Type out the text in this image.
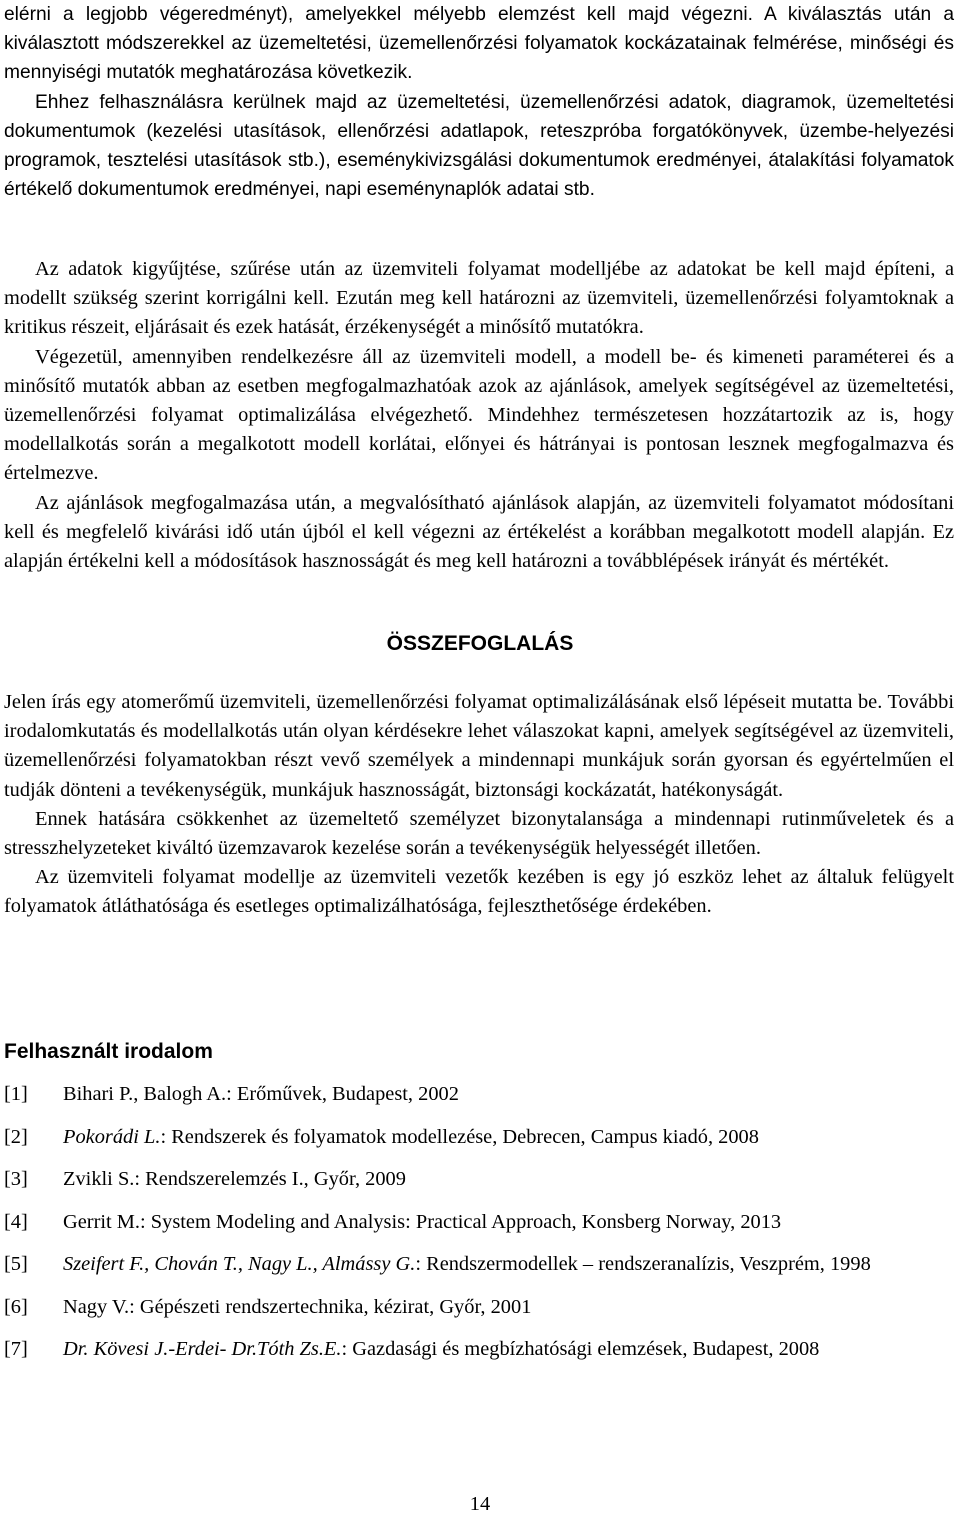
elérni a legjobb végeredményt), amelyekkel mélyebb elemzést kell majd végezni. A kiválasztás után a kiválasztott módszerekkel az üzemeltetési, üzemellenőrzési folyamatok kockázatainak felmérése, minőségi és mennyiségi mutatók meghatározása következik.

Ehhez felhasználásra kerülnek majd az üzemeltetési, üzemellenőrzési adatok, diagramok, üzemeltetési dokumentumok (kezelési utasítások, ellenőrzési adatlapok, reteszpróba forgatókönyvek, üzembe-helyezési programok, tesztelési utasítások stb.), eseménykivizsgálási dokumentumok eredményei, átalakítási folyamatok értékelő dokumentumok eredményei, napi eseménynaplók adatai stb.

Az adatok kigyűjtése, szűrése után az üzemviteli folyamat modelljébe az adatokat be kell majd építeni, a modellt szükség szerint korrigálni kell. Ezután meg kell határozni az üzemviteli, üzemellenőrzési folyamtoknak a kritikus részeit, eljárásait és ezek hatását, érzékenységét a minősítő mutatókra.

Végezetül, amennyiben rendelkezésre áll az üzemviteli modell, a modell be- és kimeneti paraméterei és a minősítő mutatók abban az esetben megfogalmazhatóak azok az ajánlások, amelyek segítségével az üzemeltetési, üzemellenőrzési folyamat optimalizálása elvégezhető. Mindehhez természetesen hozzátartozik az is, hogy modellalkotás során a megalkotott modell korlátai, előnyei és hátrányai is pontosan lesznek megfogalmazva és értelmezve.

Az ajánlások megfogalmazása után, a megvalósítható ajánlások alapján, az üzemviteli folyamatot módosítani kell és megfelelő kivárási idő után újból el kell végezni az értékelést a korábban megalkotott modell alapján. Ez alapján értékelni kell a módosítások hasznosságát és meg kell határozni a továbblépések irányát és mértékét.

ÖSSZEFOGLALÁS

Jelen írás egy atomerőmű üzemviteli, üzemellenőrzési folyamat optimalizálásának első lépéseit mutatta be. További irodalomkutatás és modellalkotás után olyan kérdésekre lehet válaszokat kapni, amelyek segítségével az üzemviteli, üzemellenőrzési folyamatokban részt vevő személyek a mindennapi munkájuk során gyorsan és egyértelműen el tudják dönteni a tevékenységük, munkájuk hasznosságát, biztonsági kockázatát, hatékonyságát.

Ennek hatására csökkenhet az üzemeltető személyzet bizonytalansága a mindennapi rutinműveletek és a stresszhelyzeteket kiváltó üzemzavarok kezelése során a tevékenységük helyességét illetően.

Az üzemviteli folyamat modellje az üzemviteli vezetők kezében is egy jó eszköz lehet az általuk felügyelt folyamatok átláthatósága és esetleges optimalizálhatósága, fejleszthetősége érdekében.

Felhasznált irodalom
[1]	Bihari P., Balogh A.: Erőművek, Budapest, 2002
[2]	Pokorádi L.: Rendszerek és folyamatok modellezése, Debrecen, Campus kiadó, 2008
[3]	Zvikli S.: Rendszerelemzés I., Győr, 2009
[4]	Gerrit M.: System Modeling and Analysis: Practical Approach, Konsberg Norway, 2013
[5]	Szeifert F., Chován T., Nagy L., Almássy G.: Rendszermodellek – rendszeranalízis, Veszprém, 1998
[6]	Nagy V.: Gépészeti rendszertechnika, kézirat, Győr, 2001
[7]	Dr. Kövesi J.-Erdei- Dr.Tóth Zs.E.: Gazdasági és megbízhatósági elemzések, Budapest, 2008
14
